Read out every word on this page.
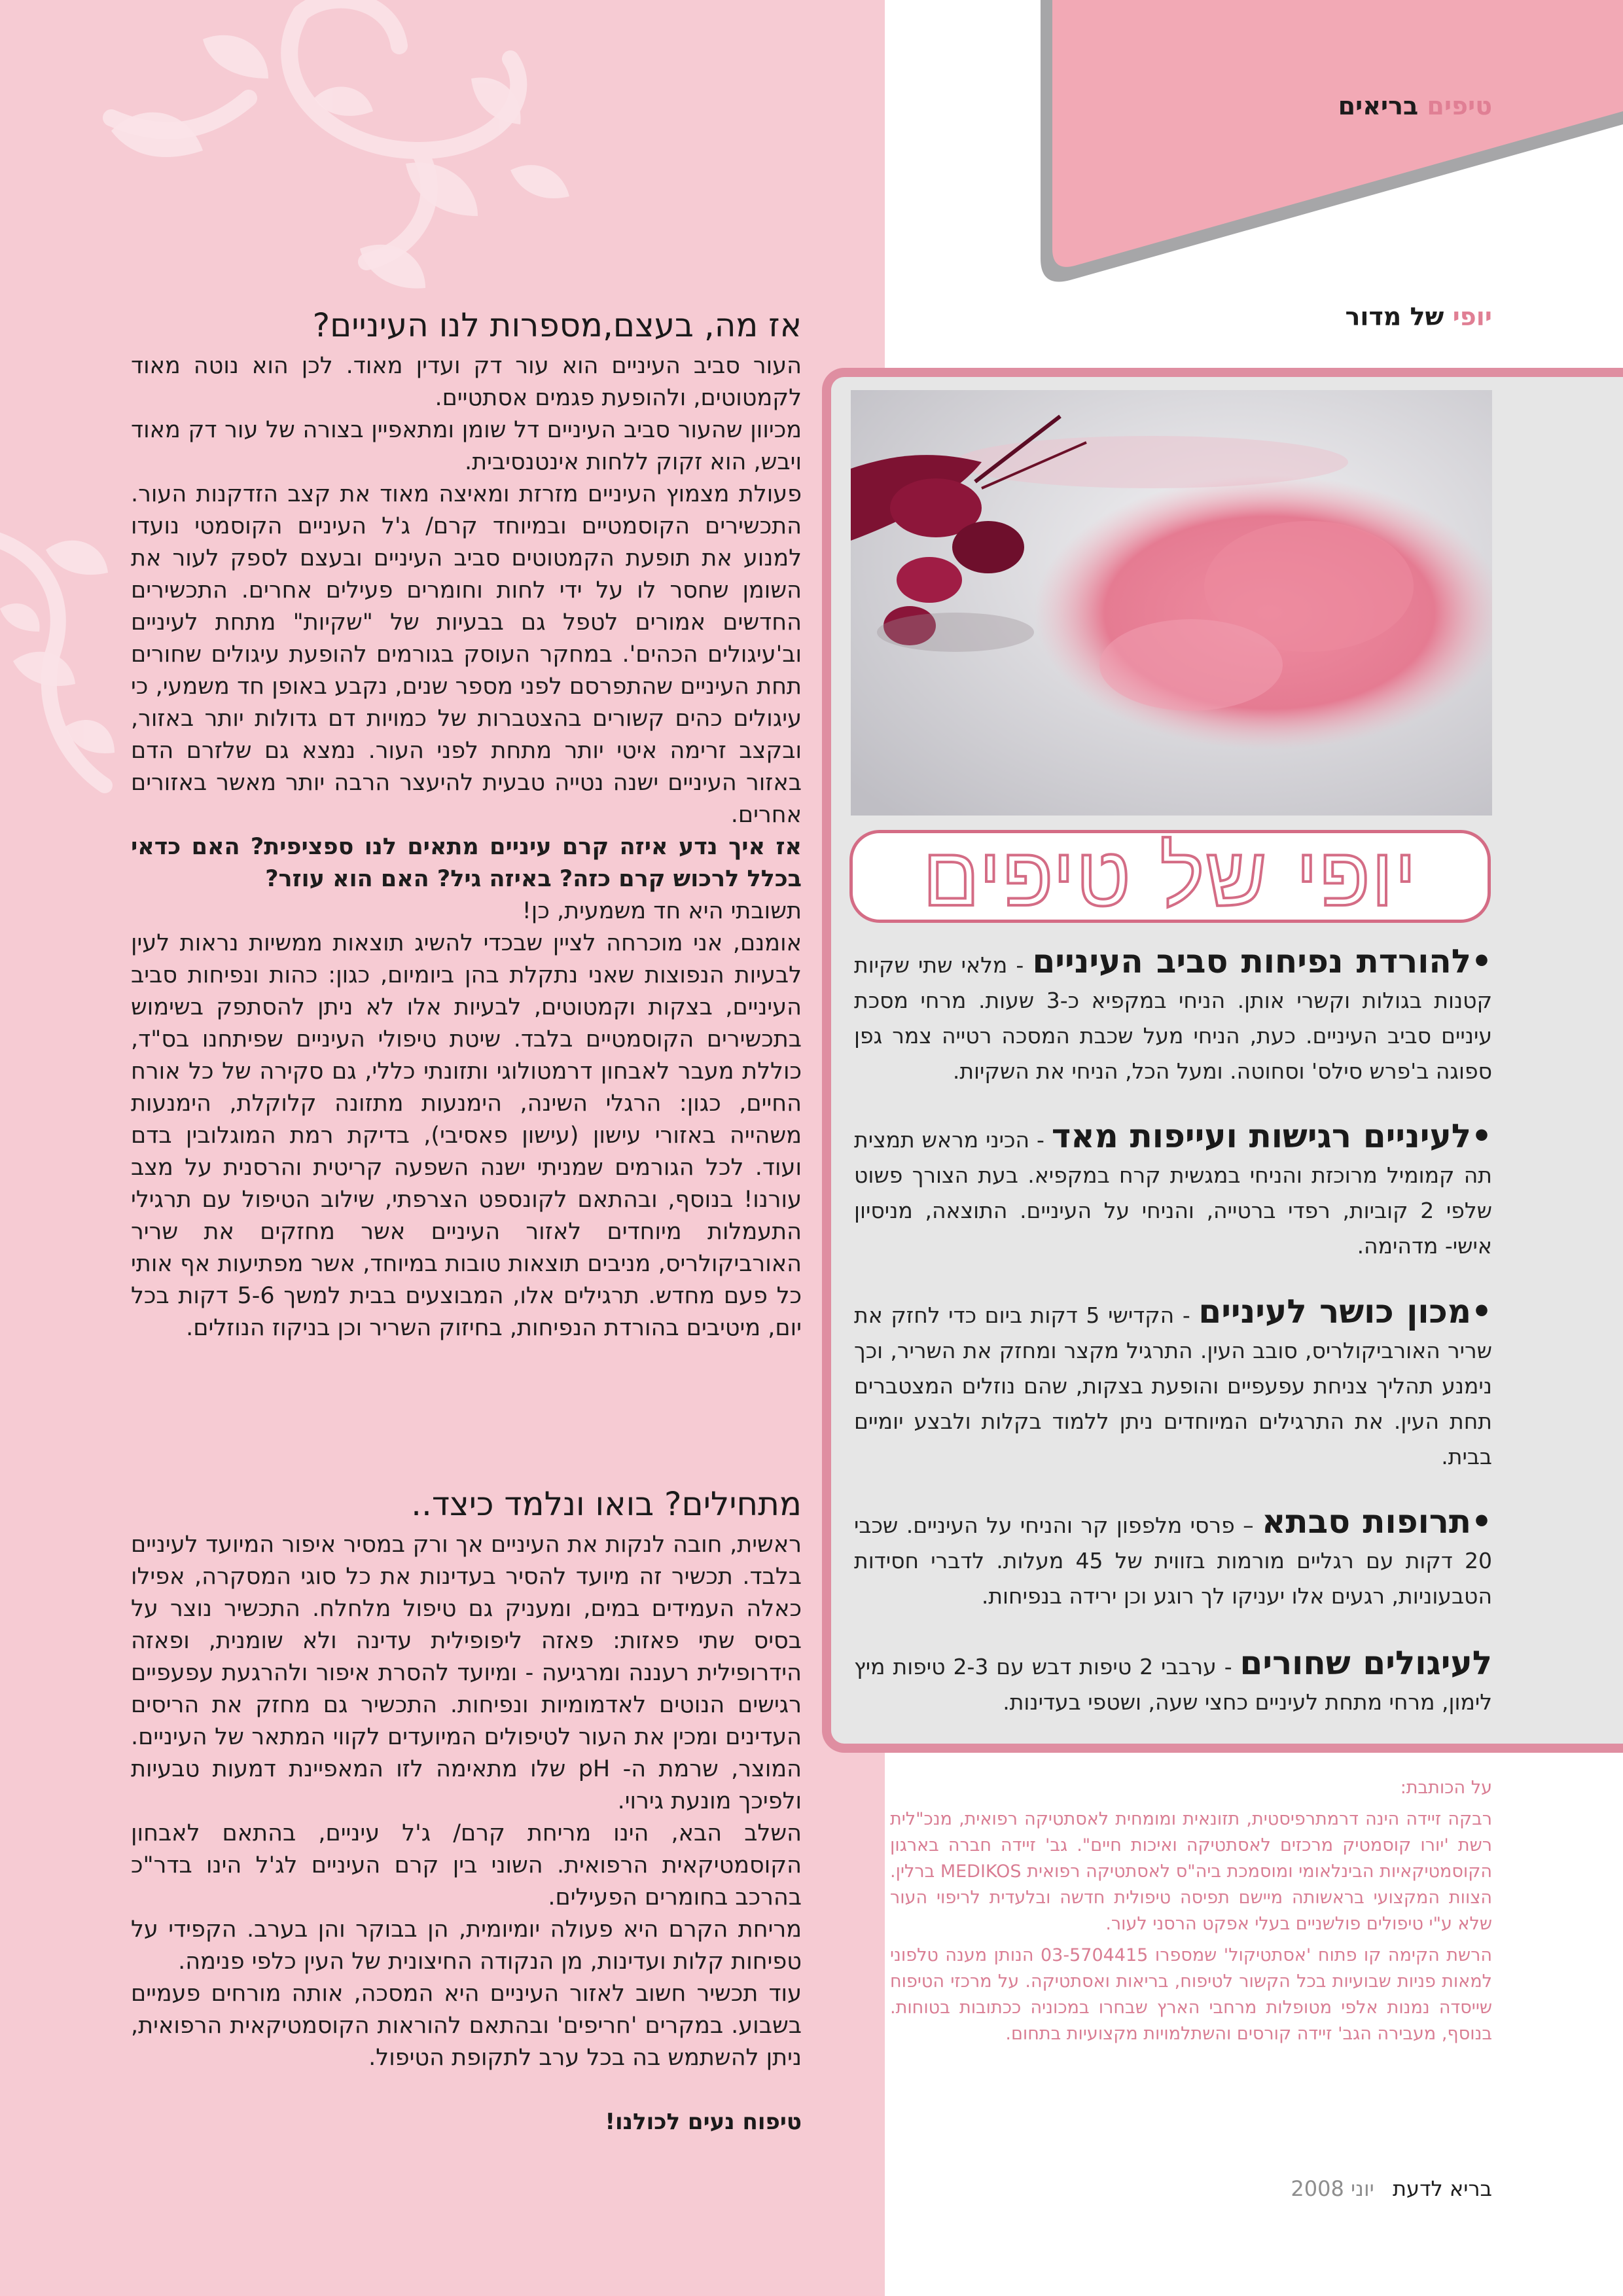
טיפים בריאים
יופי של מדור
יופי של טיפים
•להורדת נפיחות סביב העיניים - מלאי שתי שקיות קטנות בגולות וקשרי אותן. הניחי במקפיא כ-3 שעות. מרחי מסכת עיניים סביב העיניים. כעת, הניחי מעל שכבת המסכה רטייה צמר גפן ספוגה ב'פרש סילס' וסחוטה. ומעל הכל, הניחי את השקיות.
•לעיניים רגישות ועייפות מאד - הכיני מראש תמצית תה קמומיל מרוכזת והניחי במגשית קרח במקפיא. בעת הצורך פשוט שלפי 2 קוביות, רפדי ברטייה, והניחי על העיניים. התוצאה, מניסיון אישי- מדהימה.
•מכון כושר לעיניים - הקדישי 5 דקות ביום כדי לחזק את שריר האורביקולריס, סובב העין. התרגיל מקצר ומחזק את השריר, וכך נימנע תהליך צניחת עפעפיים והופעת בצקות, שהם נוזלים המצטברים תחת העין. את התרגילים המיוחדים ניתן ללמוד בקלות ולבצע יומיים בבית.
•תרופות סבתא – פרסי מלפפון קר והניחי על העיניים. שכבי 20 דקות עם רגליים מורמות בזווית של 45 מעלות. לדברי חסידות הטבעוניות, רגעים אלו יעניקו לך רוגע וכן ירידה בנפיחות.
לעיגולים שחורים - ערבבי 2 טיפות דבש עם 2-3 טיפות מיץ לימון, מרחי מתחת לעיניים כחצי שעה, ושטפי בעדינות.

על הכותבת:

רבקה זיידה הינה דרמתרפיסטית, תזונאית ומומחית לאסתטיקה רפואית, מנכ"לית רשת 'יורו קוסמטיק מרכזים לאסתטיקה ואיכות חיים". גב' זיידה חברה בארגון הקוסמטיקאיות הבינלאומי ומוסמכת ביה"ס לאסתטיקה רפואית MEDIKOS ברלין. הצוות המקצועי בראשותה מיישם תפיסה טיפולית חדשה ובלעדית לריפוי העור שלא ע"י טיפולים פולשניים בעלי אפקט הרסני לעור.

הרשת הקימה קו פתוח 'אסתטיקול' שמספרו 03-5704415 הנותן מענה טלפוני למאות פניות שבועיות בכל הקשור לטיפוח, בריאות ואסתטיקה. על מרכזי הטיפוח שייסדה נמנות אלפי מטופלות מרחבי הארץ שבחרו במכוניה ככתובות בטוחות. בנוסף, מעבירה הגב' זיידה קורסים והשתלמויות מקצועיות בתחום.

בריא לדעת יוני 2008
אז מה, בעצם,מספרות לנו העיניים?

העור סביב העיניים הוא עור דק ועדין מאוד. לכן הוא נוטה מאוד לקמטוטים, ולהופעת פגמים אסתטיים.

מכיוון שהעור סביב העיניים דל שומן ומתאפיין בצורה של עור דק מאוד ויבש, הוא זקוק ללחות אינטנסיבית.

פעולת מצמוץ העיניים מזרזת ומאיצה מאוד את קצב הזדקנות העור. התכשירים הקוסמטיים ובמיוחד קרם/ ג'ל העיניים הקוסמטי נועדו למנוע את תופעת הקמטוטים סביב העיניים ובעצם לספק לעור את השומן שחסר לו על ידי לחות וחומרים פעילים אחרים. התכשירים החדשים אמורים לטפל גם בבעיות של "שקיות" מתחת לעיניים וב'עיגולים הכהים'. במחקר העוסק בגורמים להופעת עיגולים שחורים תחת העיניים שהתפרסם לפני מספר שנים, נקבע באופן חד משמעי, כי עיגולים כהים קשורים בהצטברות של כמויות דם גדולות יותר באזור, ובקצב זרימה איטי יותר מתחת לפני העור. נמצא גם שלזרם הדם באזור העיניים ישנה נטייה טבעית להיעצר הרבה יותר מאשר באזורים אחרים.

אז איך נדע איזה קרם עיניים מתאים לנו ספציפית? האם כדאי בכלל לרכוש קרם כזה? באיזה גיל? האם הוא עוזר?

תשובתי היא חד משמעית, כן!

אומנם, אני מוכרחה לציין שבכדי להשיג תוצאות ממשיות נראות לעין לבעיות הנפוצות שאני נתקלת בהן ביומיום, כגון: כהות ונפיחות סביב העיניים, בצקות וקמטוטים, לבעיות אלו לא ניתן להסתפק בשימוש בתכשירים הקוסמטיים בלבד. שיטת טיפולי העיניים שפיתחנו בס"ד, כוללת מעבר לאבחון דרמטולוגי ותזונתי כללי, גם סקירה של כל אורח החיים, כגון: הרגלי השינה, הימנעות מתזונה קלוקלת, הימנעות משהייה באזורי עישון (עישון פאסיבי), בדיקת רמת המוגלובין בדם ועוד. לכל הגורמים שמניתי ישנה השפעה קריטית והרסנית על מצב עורנו! בנוסף, ובהתאם לקונספט הצרפתי, שילוב הטיפול עם תרגילי התעמלות מיוחדים לאזור העיניים אשר מחזקים את שריר האורביקולריס, מניבים תוצאות טובות במיוחד, אשר מפתיעות אף אותי כל פעם מחדש. תרגילים אלו, המבוצעים בבית למשך 5-6 דקות בכל יום, מיטיבים בהורדת הנפיחות, בחיזוק השריר וכן בניקוז הנוזלים.

מתחילים? בואו ונלמד כיצד..

ראשית, חובה לנקות את העיניים אך ורק במסיר איפור המיועד לעיניים בלבד. תכשיר זה מיועד להסיר בעדינות את כל סוגי המסקרה, אפילו כאלה העמידים במים, ומעניק גם טיפול מלחלח. התכשיר נוצר על בסיס שתי פאזות: פאזה ליפופילית עדינה ולא שומנית, ופאזה הידרופילית רעננה ומרגיעה - ומיועד להסרת איפור ולהרגעת עפעפיים רגישים הנוטים לאדמומיות ונפיחות. התכשיר גם מחזק את הריסים העדינים ומכין את העור לטיפולים המיועדים לקווי המתאר של העיניים. המוצר, שרמת ה- pH שלו מתאימה לזו המאפיינת דמעות טבעיות ולפיכך מונעת גירוי.

השלב הבא, הינו מריחת קרם/ ג'ל עיניים, בהתאם לאבחון הקוסמטיקאית הרפואית. השוני בין קרם העיניים לג'ל הינו בדר"כ בהרכב בחומרים הפעילים.

מריחת הקרם היא פעולה יומיומית, הן בבוקר והן בערב. הקפידי על טפיחות קלות ועדינות, מן הנקודה החיצונית של העין כלפי פנימה.

עוד תכשיר חשוב לאזור העיניים היא המסכה, אותה מורחים פעמיים בשבוע. במקרים 'חריפים' ובהתאם להוראות הקוסמטיקאית הרפואית, ניתן להשתמש בה בכל ערב לתקופת הטיפול.

טיפוח נעים לכולנו!
